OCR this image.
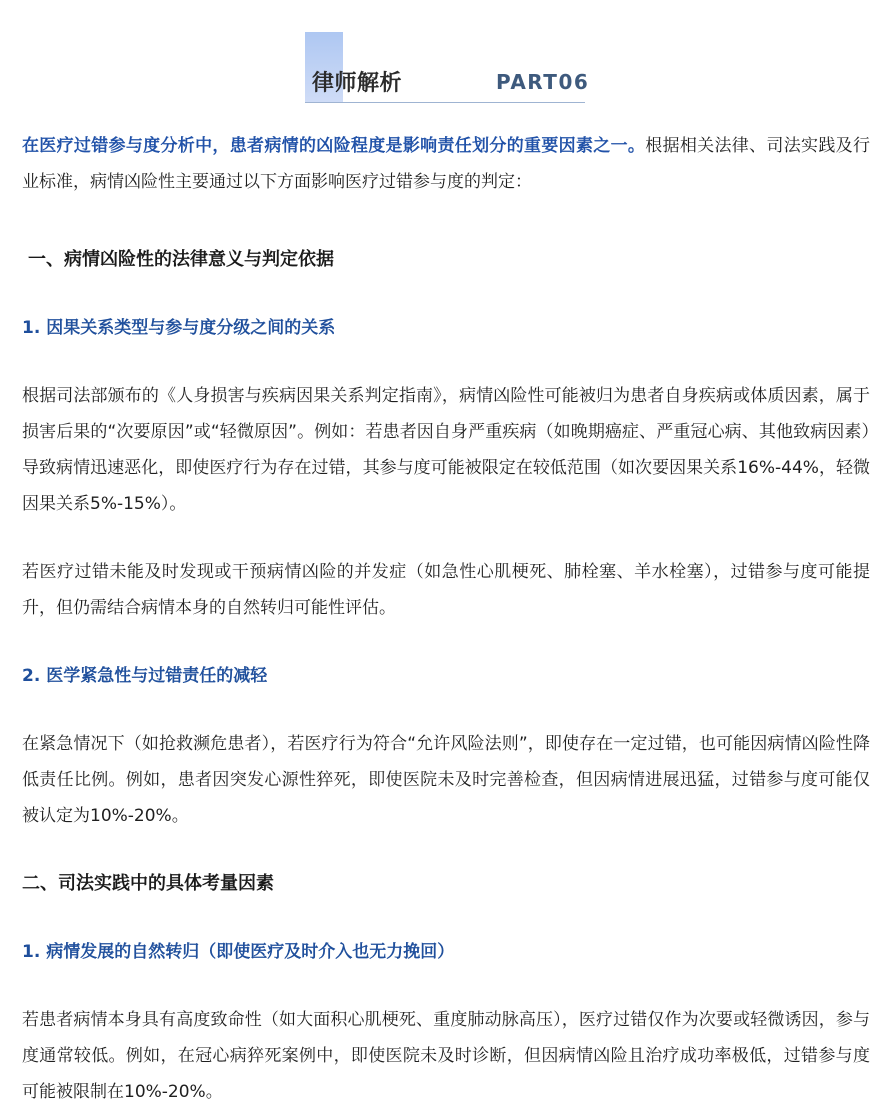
律师解析	PART06

在医疗过错参与度分析中，患者病情的凶险程度是影响责任划分的重要因素之一。根据相关法律、司法实践及行业标准，病情凶险性主要通过以下方面影响医疗过错参与度的判定：

一、病情凶险性的法律意义与判定依据
1. 因果关系类型与参与度分级之间的关系

根据司法部颁布的《人身损害与疾病因果关系判定指南》，病情凶险性可能被归为患者自身疾病或体质因素，属于损害后果的“次要原因”或“轻微原因”。例如：若患者因自身严重疾病（如晚期癌症、严重冠心病、其他致病因素）导致病情迅速恶化，即使医疗行为存在过错，其参与度可能被限定在较低范围（如次要因果关系16%-44%，轻微因果关系5%-15%）。

若医疗过错未能及时发现或干预病情凶险的并发症（如急性心肌梗死、肺栓塞、羊水栓塞），过错参与度可能提升，但仍需结合病情本身的自然转归可能性评估。

2. 医学紧急性与过错责任的减轻

在紧急情况下（如抢救濒危患者），若医疗行为符合“允许风险法则”，即使存在一定过错，也可能因病情凶险性降低责任比例。例如，患者因突发心源性猝死，即使医院未及时完善检查，但因病情进展迅猛，过错参与度可能仅被认定为10%-20%。

二、司法实践中的具体考量因素
1. 病情发展的自然转归（即使医疗及时介入也无力挽回）

若患者病情本身具有高度致命性（如大面积心肌梗死、重度肺动脉高压），医疗过错仅作为次要或轻微诱因，参与度通常较低。例如，在冠心病猝死案例中，即使医院未及时诊断，但因病情凶险且治疗成功率极低，过错参与度可能被限制在10%-20%。
